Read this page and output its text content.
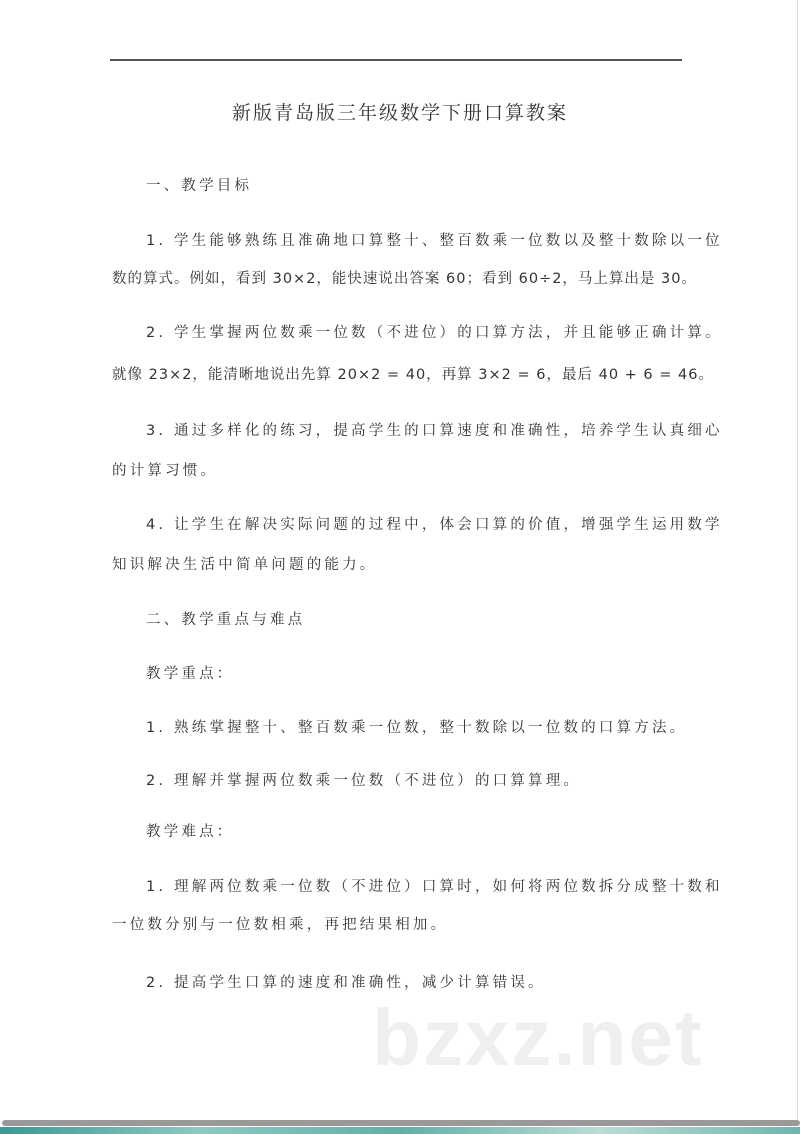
新版青岛版三年级数学下册口算教案
一、教学目标
1. 学生能够熟练且准确地口算整十、整百数乘一位数以及整十数除以一位
数的算式。例如，看到 30×2，能快速说出答案 60；看到 60÷2，马上算出是 30。
2. 学生掌握两位数乘一位数（不进位）的口算方法，并且能够正确计算。
就像 23×2，能清晰地说出先算 20×2 = 40，再算 3×2 = 6，最后 40 + 6 = 46。
3. 通过多样化的练习，提高学生的口算速度和准确性，培养学生认真细心
的计算习惯。
4. 让学生在解决实际问题的过程中，体会口算的价值，增强学生运用数学
知识解决生活中简单问题的能力。
二、教学重点与难点
教学重点：
1. 熟练掌握整十、整百数乘一位数，整十数除以一位数的口算方法。
2. 理解并掌握两位数乘一位数（不进位）的口算算理。
教学难点：
1. 理解两位数乘一位数（不进位）口算时，如何将两位数拆分成整十数和
一位数分别与一位数相乘，再把结果相加。
2. 提高学生口算的速度和准确性，减少计算错误。
bzxz.net
